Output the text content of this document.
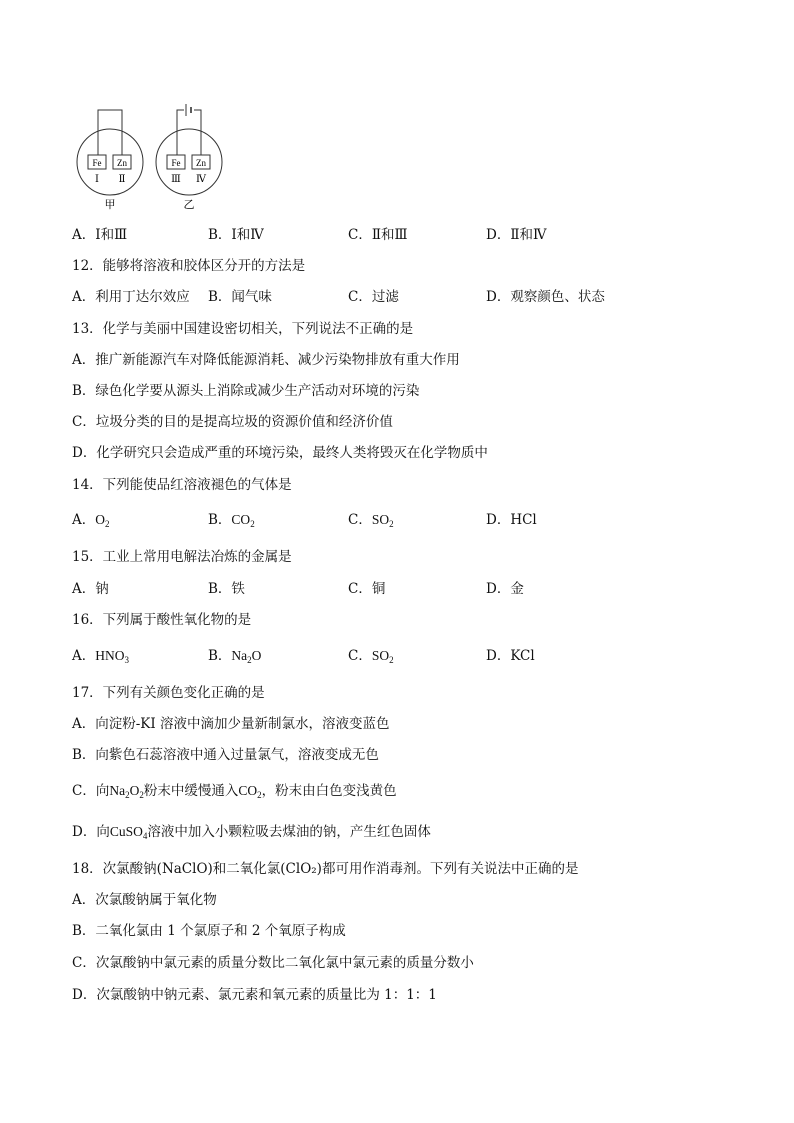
Fe Zn
Ⅰ Ⅱ
甲
Fe Zn
Ⅲ Ⅳ
乙
A．Ⅰ和Ⅲ	B．Ⅰ和Ⅳ	C．Ⅱ和Ⅲ	D．Ⅱ和Ⅳ
12．能够将溶液和胶体区分开的方法是
A．利用丁达尔效应 B．闻气味	C．过滤	D．观察颜色、状态
13．化学与美丽中国建设密切相关，下列说法不正确的是
A．推广新能源汽车对降低能源消耗、减少污染物排放有重大作用
B．绿色化学要从源头上消除或减少生产活动对环境的污染
C．垃圾分类的目的是提高垃圾的资源价值和经济价值
D．化学研究只会造成严重的环境污染，最终人类将毁灭在化学物质中
14．下列能使品红溶液褪色的气体是
A．$O_2$	B．$CO_2$	C．$SO_2$	D．HCl
15．工业上常用电解法冶炼的金属是
A．钠	B．铁	C．铜	D．金
16．下列属于酸性氧化物的是
A．$HNO_3$	B．$Na_2O$	C．$SO_2$	D．KCl
17．下列有关颜色变化正确的是
A．向淀粉-KI 溶液中滴加少量新制氯水，溶液变蓝色
B．向紫色石蕊溶液中通入过量氯气，溶液变成无色
C．向$Na_2O_2$粉末中缓慢通入$CO_2$，粉末由白色变浅黄色
D．向CuSO$_4$溶液中加入小颗粒吸去煤油的钠，产生红色固体
18．次氯酸钠(NaClO)和二氧化氯(ClO₂)都可用作消毒剂。下列有关说法中正确的是
A．次氯酸钠属于氧化物
B．二氧化氯由 1 个氯原子和 2 个氧原子构成
C．次氯酸钠中氯元素的质量分数比二氧化氯中氯元素的质量分数小
D．次氯酸钠中钠元素、氯元素和氧元素的质量比为 1：1：1
